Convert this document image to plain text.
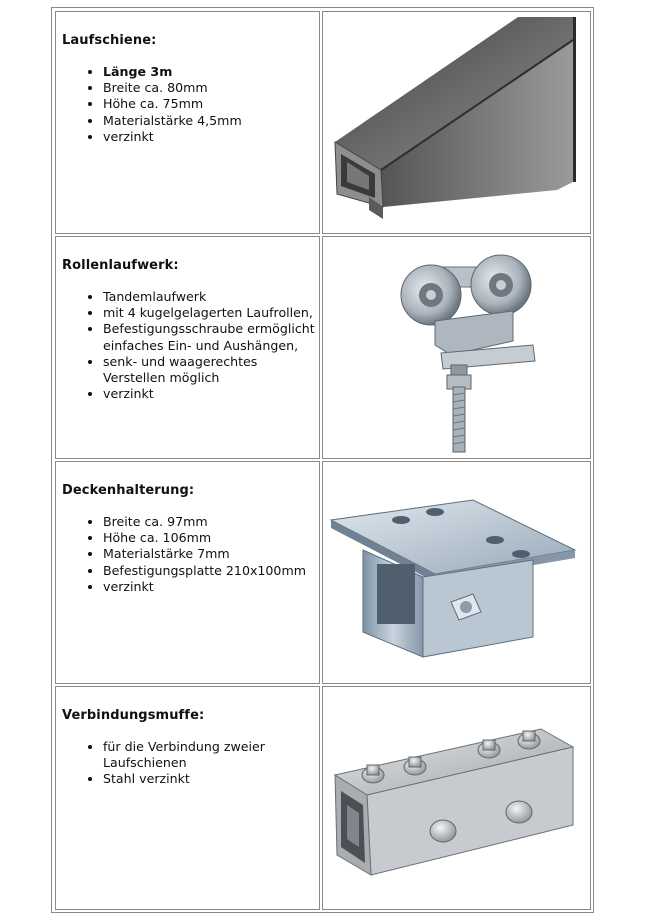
Laufschiene:
• Länge 3m
• Breite ca. 80mm
• Höhe ca. 75mm
• Materialstärke 4,5mm
• verzinkt
Rollenlaufwerk:
• Tandemlaufwerk
• mit 4 kugelgelagerten Laufrollen,
• Befestigungsschraube ermöglicht einfaches Ein- und Aushängen,
• senk- und waagerechtes Verstellen möglich
• verzinkt
Deckenhalterung:
• Breite ca. 97mm
• Höhe ca. 106mm
• Materialstärke 7mm
• Befestigungsplatte 210x100mm
• verzinkt
Verbindungsmuffe:
• für die Verbindung zweier Laufschienen
• Stahl verzinkt
